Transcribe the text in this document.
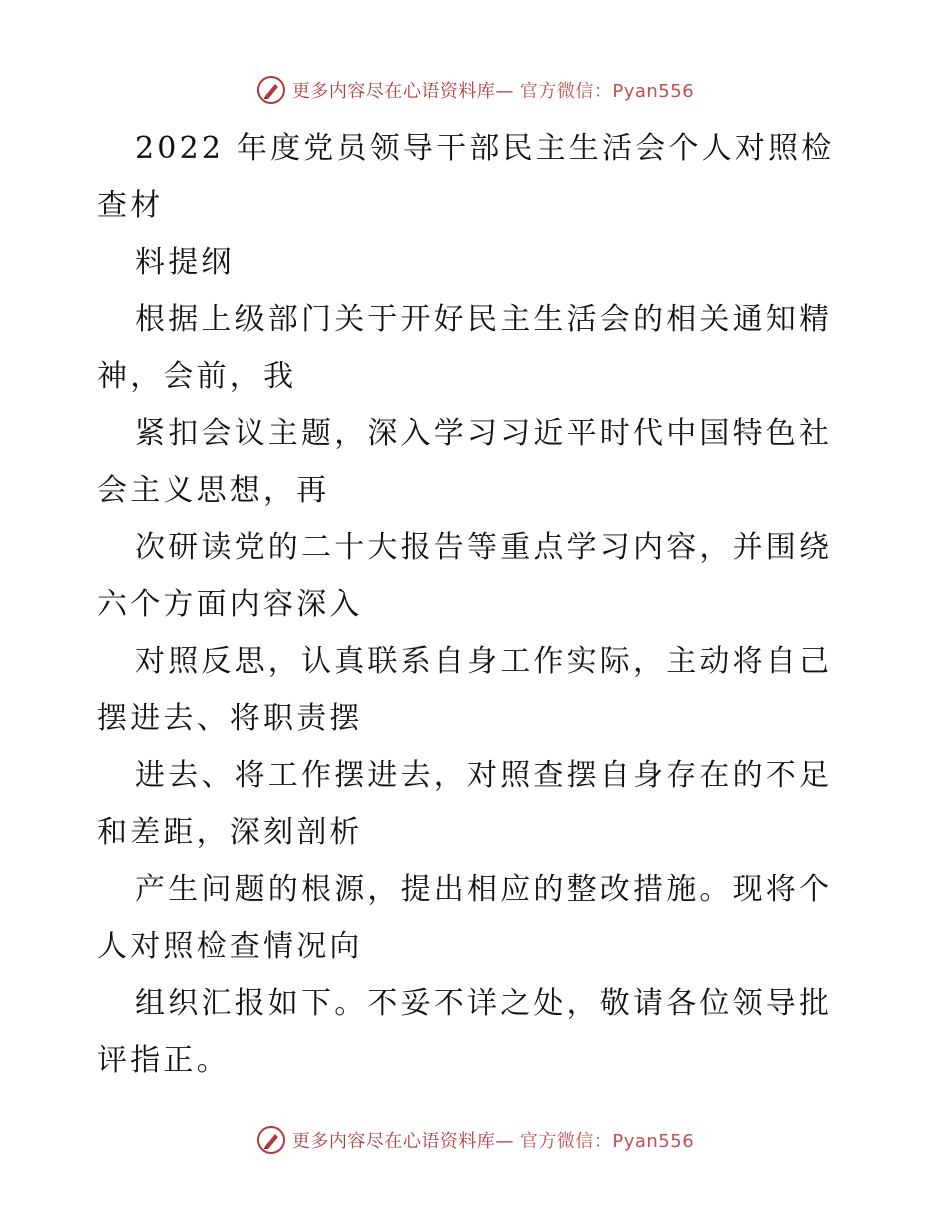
更多内容尽在心语资料库— 官方微信：Pyan556
2022 年度党员领导干部民主生活会个人对照检
查材
料提纲
根据上级部门关于开好民主生活会的相关通知精
神，会前，我
紧扣会议主题，深入学习习近平时代中国特色社
会主义思想，再
次研读党的二十大报告等重点学习内容，并围绕
六个方面内容深入
对照反思，认真联系自身工作实际，主动将自己
摆进去、将职责摆
进去、将工作摆进去，对照查摆自身存在的不足
和差距，深刻剖析
产生问题的根源，提出相应的整改措施。现将个
人对照检查情况向
组织汇报如下。不妥不详之处，敬请各位领导批
评指正。
更多内容尽在心语资料库— 官方微信：Pyan556
